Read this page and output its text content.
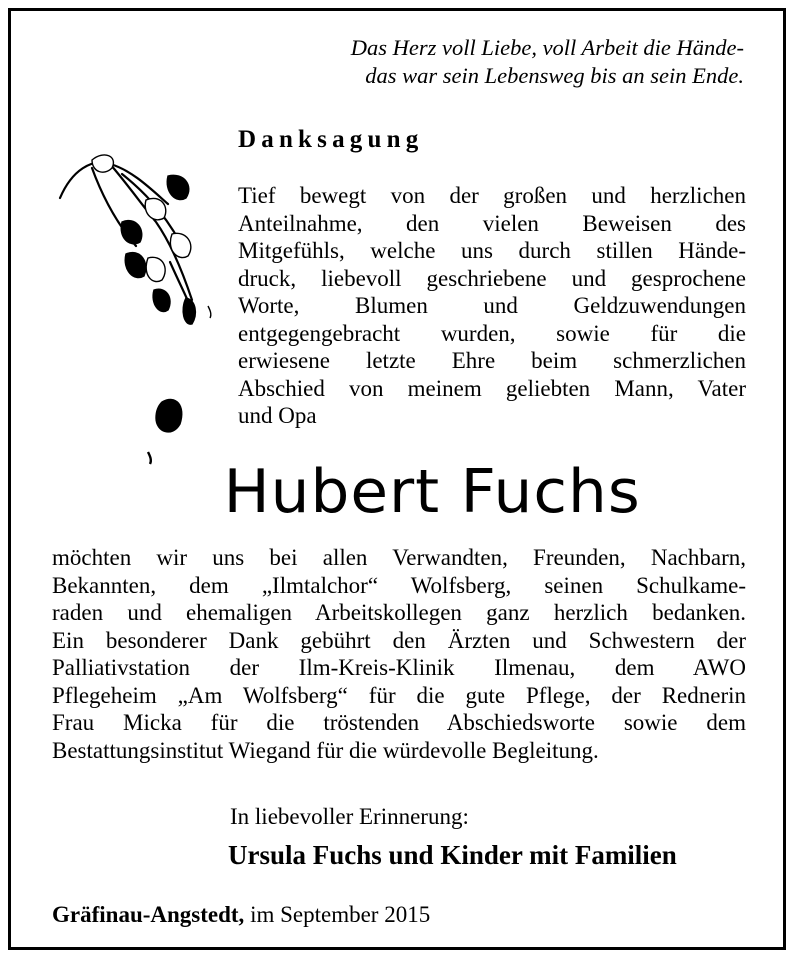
Das Herz voll Liebe, voll Arbeit die Hände-
das war sein Lebensweg bis an sein Ende.
Danksagung
Tief bewegt von der großen und herzlichen
Anteilnahme, den vielen Beweisen des
Mitgefühls, welche uns durch stillen Hände-
druck, liebevoll geschriebene und gesprochene
Worte, Blumen und Geldzuwendungen
entgegengebracht wurden, sowie für die
erwiesene letzte Ehre beim schmerzlichen
Abschied von meinem geliebten Mann, Vater
und Opa
Hubert Fuchs
möchten wir uns bei allen Verwandten, Freunden, Nachbarn,
Bekannten, dem „Ilmtalchor“ Wolfsberg, seinen Schulkame-
raden und ehemaligen Arbeitskollegen ganz herzlich bedanken.
Ein besonderer Dank gebührt den Ärzten und Schwestern der
Palliativstation der Ilm-Kreis-Klinik Ilmenau, dem AWO
Pflegeheim „Am Wolfsberg“ für die gute Pflege, der Rednerin
Frau Micka für die tröstenden Abschiedsworte sowie dem
Bestattungsinstitut Wiegand für die würdevolle Begleitung.
In liebevoller Erinnerung:
Ursula Fuchs und Kinder mit Familien
Gräfinau-Angstedt, im September 2015
